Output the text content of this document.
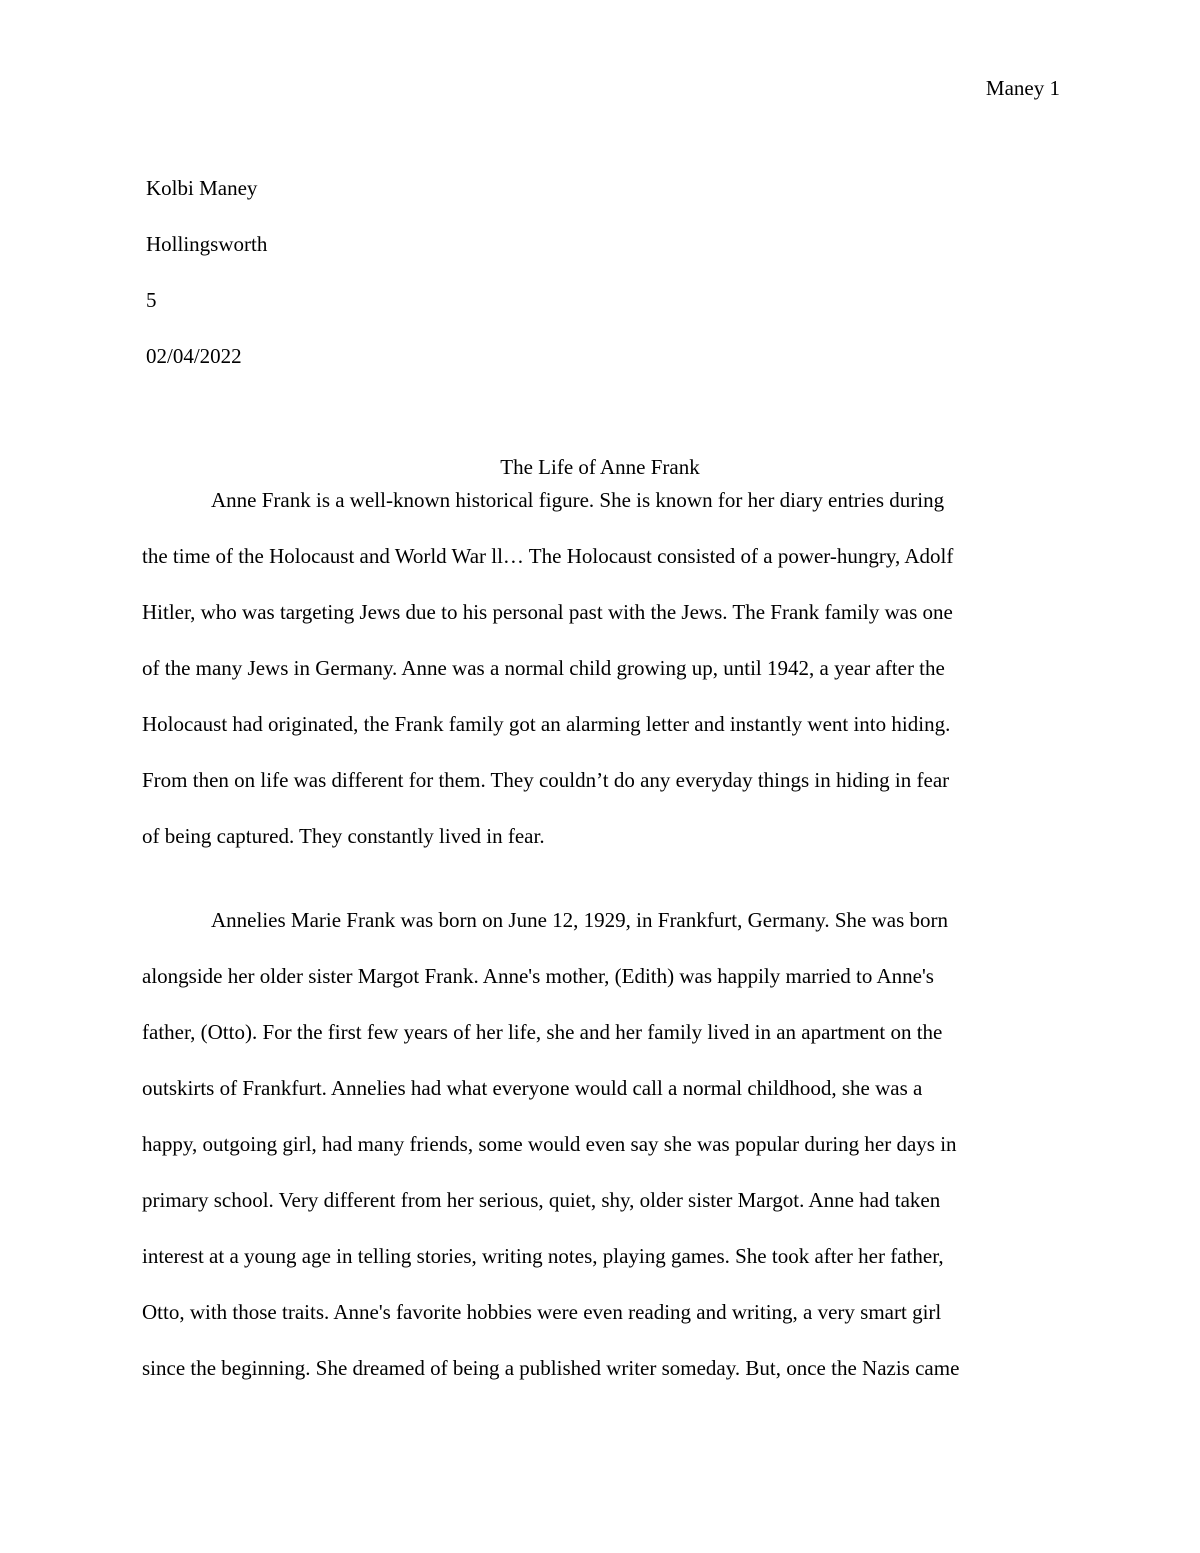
Maney 1
Kolbi Maney
Hollingsworth
5
02/04/2022
The Life of Anne Frank
Anne Frank is a well-known historical figure. She is known for her diary entries during
the time of the Holocaust and World War ll… The Holocaust consisted of a power-hungry, Adolf
Hitler, who was targeting Jews due to his personal past with the Jews. The Frank family was one
of the many Jews in Germany. Anne was a normal child growing up, until 1942, a year after the
Holocaust had originated, the Frank family got an alarming letter and instantly went into hiding.
From then on life was different for them. They couldn’t do any everyday things in hiding in fear
of being captured. They constantly lived in fear.
Annelies Marie Frank was born on June 12, 1929, in Frankfurt, Germany. She was born
alongside her older sister Margot Frank. Anne's mother, (Edith) was happily married to Anne's
father, (Otto). For the first few years of her life, she and her family lived in an apartment on the
outskirts of Frankfurt. Annelies had what everyone would call a normal childhood, she was a
happy, outgoing girl, had many friends, some would even say she was popular during her days in
primary school. Very different from her serious, quiet, shy, older sister Margot. Anne had taken
interest at a young age in telling stories, writing notes, playing games. She took after her father,
Otto, with those traits. Anne's favorite hobbies were even reading and writing, a very smart girl
since the beginning. She dreamed of being a published writer someday. But, once the Nazis came
